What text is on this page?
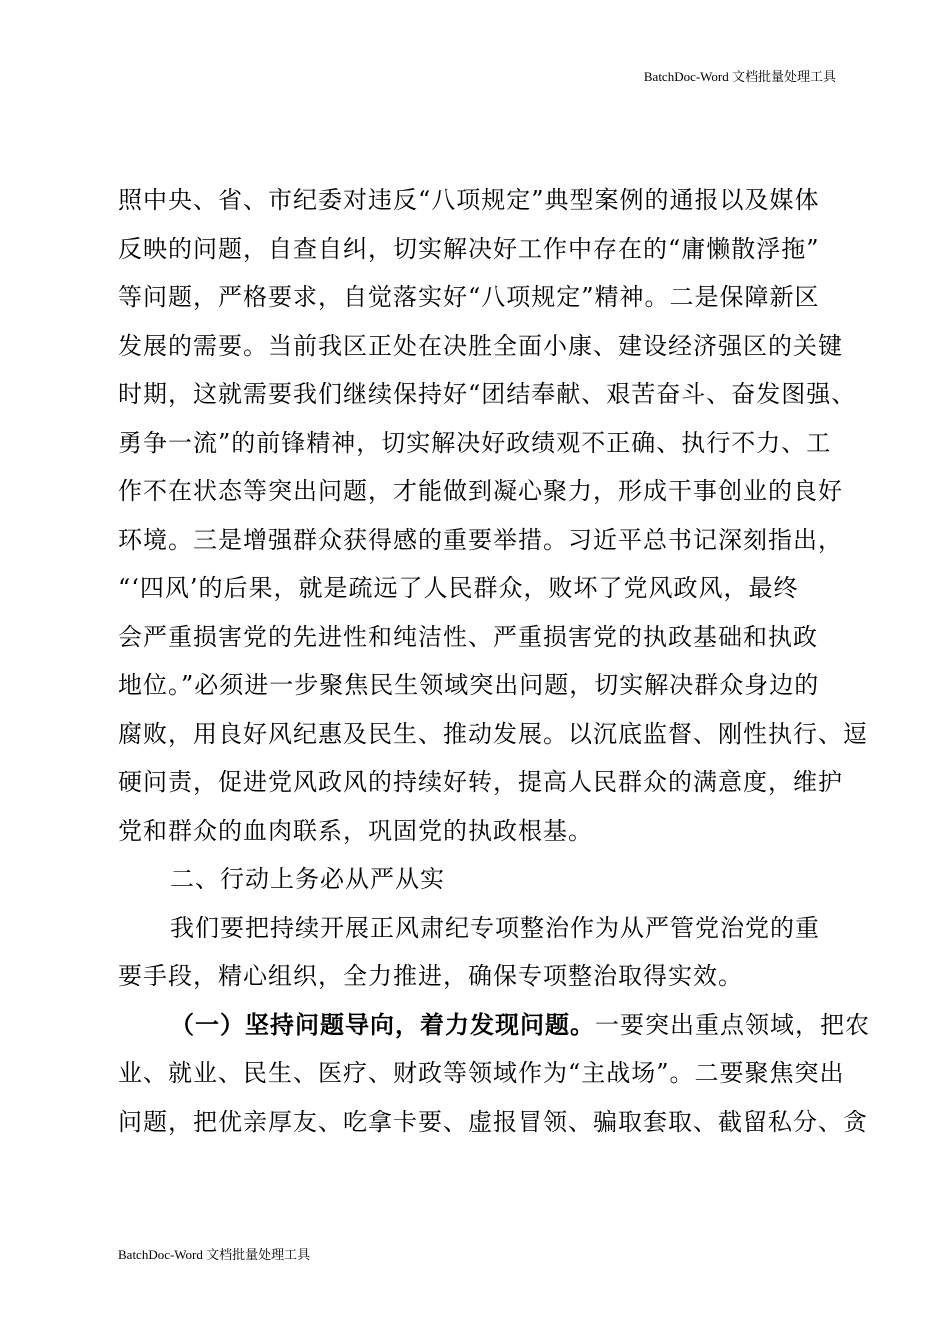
BatchDoc-Word 文档批量处理工具
照中央、省、市纪委对违反“八项规定”典型案例的通报以及媒体
反映的问题，自查自纠，切实解决好工作中存在的“庸懒散浮拖”
等问题，严格要求，自觉落实好“八项规定”精神。二是保障新区
发展的需要。当前我区正处在决胜全面小康、建设经济强区的关键
时期，这就需要我们继续保持好“团结奉献、艰苦奋斗、奋发图强、
勇争一流”的前锋精神，切实解决好政绩观不正确、执行不力、工
作不在状态等突出问题，才能做到凝心聚力，形成干事创业的良好
环境。三是增强群众获得感的重要举措。习近平总书记深刻指出，
“‘四风’的后果，就是疏远了人民群众，败坏了党风政风，最终
会严重损害党的先进性和纯洁性、严重损害党的执政基础和执政
地位。”必须进一步聚焦民生领域突出问题，切实解决群众身边的
腐败，用良好风纪惠及民生、推动发展。以沉底监督、刚性执行、逗
硬问责，促进党风政风的持续好转，提高人民群众的满意度，维护
党和群众的血肉联系，巩固党的执政根基。
二、行动上务必从严从实
我们要把持续开展正风肃纪专项整治作为从严管党治党的重
要手段，精心组织，全力推进，确保专项整治取得实效。
（一）坚持问题导向，着力发现问题。一要突出重点领域，把农
业、就业、民生、医疗、财政等领域作为“主战场”。二要聚焦突出
问题，把优亲厚友、吃拿卡要、虚报冒领、骗取套取、截留私分、贪
BatchDoc-Word 文档批量处理工具
